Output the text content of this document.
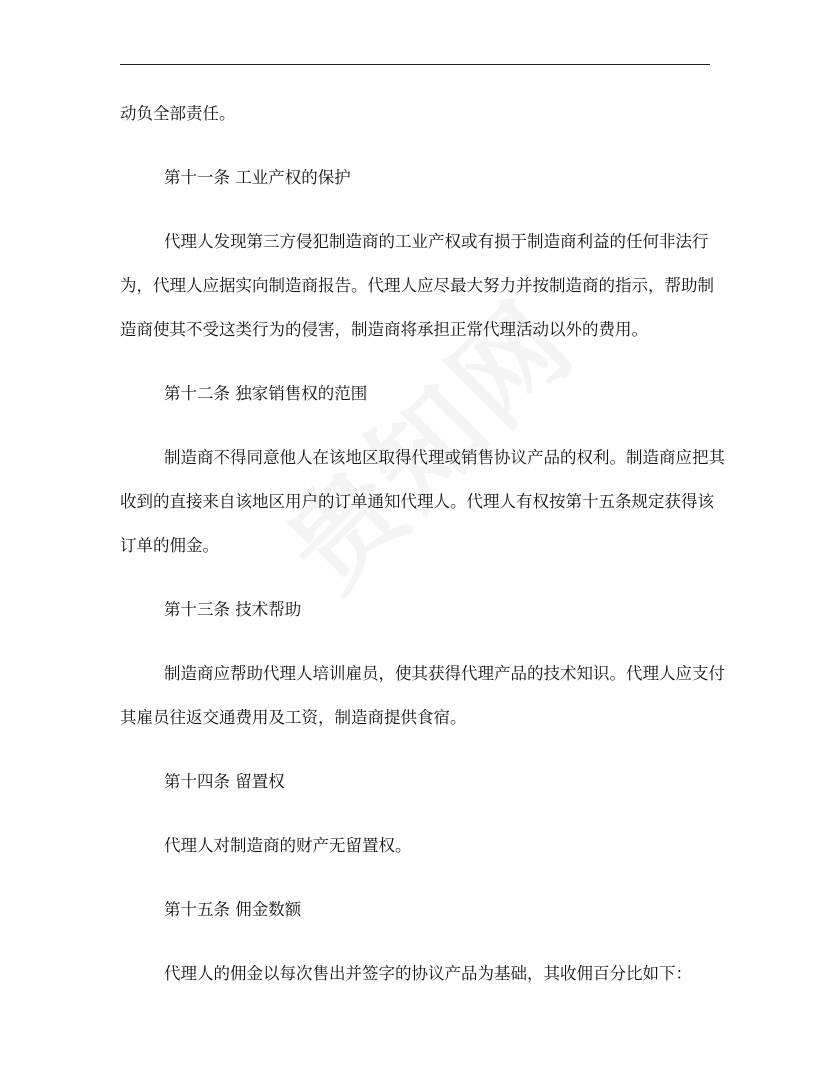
动负全部责任。
第十一条 工业产权的保护
代理人发现第三方侵犯制造商的工业产权或有损于制造商利益的任何非法行
为，代理人应据实向制造商报告。代理人应尽最大努力并按制造商的指示，帮助制
造商使其不受这类行为的侵害，制造商将承担正常代理活动以外的费用。
第十二条 独家销售权的范围
制造商不得同意他人在该地区取得代理或销售协议产品的权利。制造商应把其
收到的直接来自该地区用户的订单通知代理人。代理人有权按第十五条规定获得该
订单的佣金。
第十三条 技术帮助
制造商应帮助代理人培训雇员，使其获得代理产品的技术知识。代理人应支付
其雇员往返交通费用及工资，制造商提供食宿。
第十四条 留置权
代理人对制造商的财产无留置权。
第十五条 佣金数额
代理人的佣金以每次售出并签字的协议产品为基础，其收佣百分比如下：
